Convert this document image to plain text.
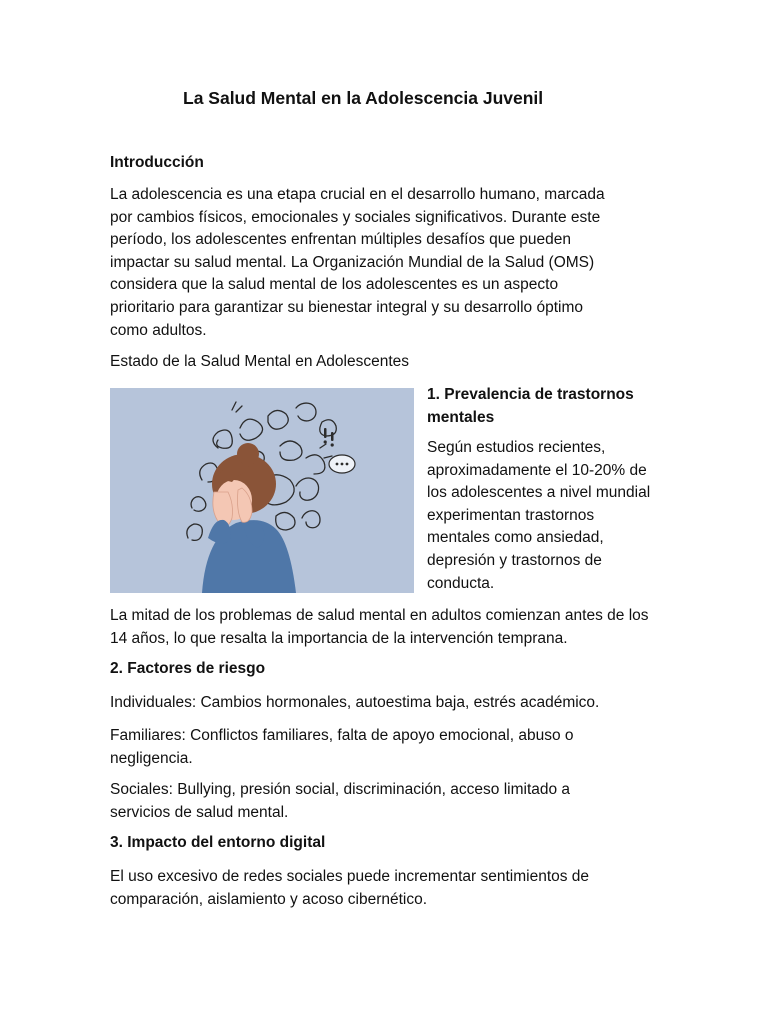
La Salud Mental en la Adolescencia Juvenil
Introducción

La adolescencia es una etapa crucial en el desarrollo humano, marcada por cambios físicos, emocionales y sociales significativos. Durante este período, los adolescentes enfrentan múltiples desafíos que pueden impactar su salud mental. La Organización Mundial de la Salud (OMS) considera que la salud mental de los adolescentes es un aspecto prioritario para garantizar su bienestar integral y su desarrollo óptimo como adultos.

Estado de la Salud Mental en Adolescentes

1. Prevalencia de trastornos mentales

Según estudios recientes, aproximadamente el 10-20% de los adolescentes a nivel mundial experimentan trastornos mentales como ansiedad, depresión y trastornos de conducta.

La mitad de los problemas de salud mental en adultos comienzan antes de los 14 años, lo que resalta la importancia de la intervención temprana.

2. Factores de riesgo

Individuales: Cambios hormonales, autoestima baja, estrés académico.

Familiares: Conflictos familiares, falta de apoyo emocional, abuso o negligencia.

Sociales: Bullying, presión social, discriminación, acceso limitado a servicios de salud mental.

3. Impacto del entorno digital

El uso excesivo de redes sociales puede incrementar sentimientos de comparación, aislamiento y acoso cibernético.
